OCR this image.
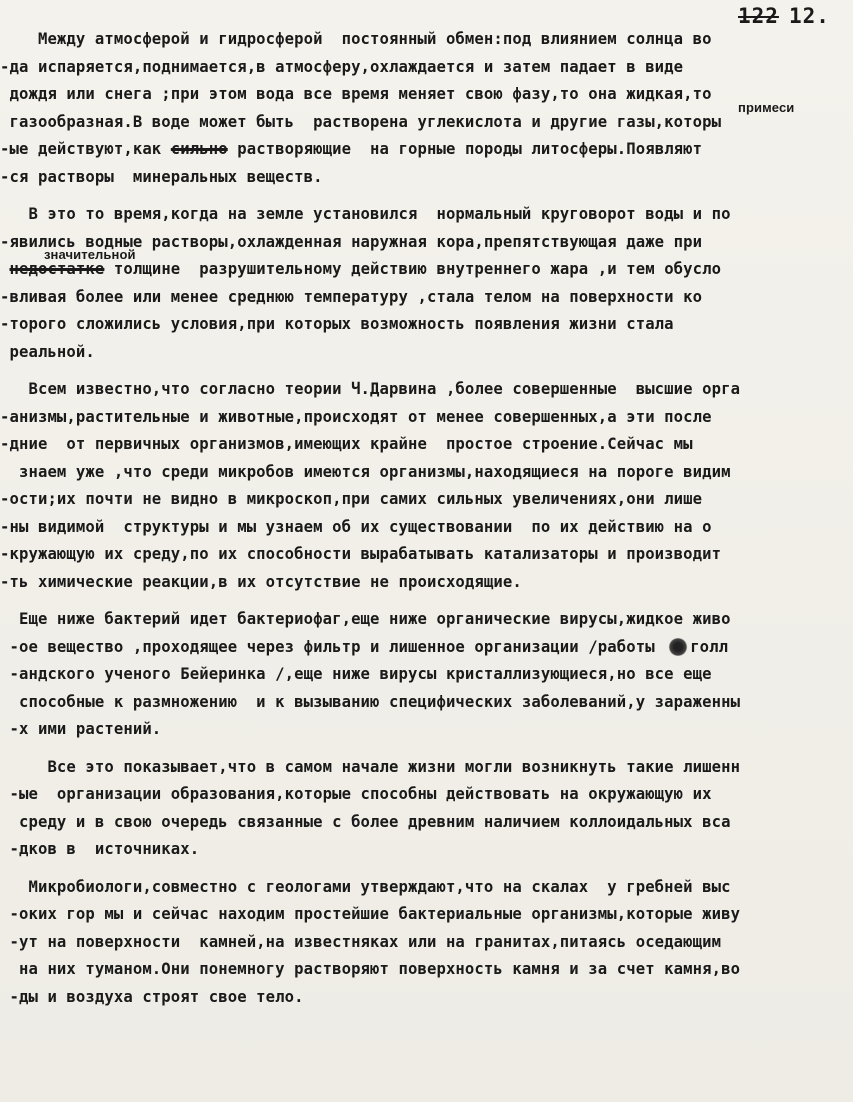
122 12.
Между атмосферой и гидросферой  постоянный обмен:под влиянием солнца во
-да испаряется,поднимается,в атмосферу,охлаждается и затем падает в виде
дождя или снега ;при этом вода все время меняет свою фазу,то она жидкая,то
примеси
газообразная.В воде может быть  растворена углекислота и другие газы,которы
-ые действуют,как сильно растворяющие  на горные породы литосферы.Появляют
-ся растворы  минеральных веществ.
В это то время,когда на земле установился  нормальный круговорот воды и по
-явились водные растворы,охлажденная наружная кора,препятствующая даже при
значительной
недостатке толщине  разрушительному действию внутреннего жара ,и тем обусло
-вливая более или менее среднюю температуру ,стала телом на поверхности ко
-торого сложились условия,при которых возможность появления жизни стала
реальной.
Всем известно,что согласно теории Ч.Дарвина ,более совершенные  высшие орга
-анизмы,растительные и животные,происходят от менее совершенных,а эти после
-дние  от первичных организмов,имеющих крайне  простое строение.Сейчас мы
знаем уже ,что среди микробов имеются организмы,находящиеся на пороге видим
-ости;их почти не видно в микроскоп,при самих сильных увеличениях,они лише
-ны видимой  структуры и мы узнаем об их существовании  по их действию на о
-кружающую их среду,по их способности вырабатывать катализаторы и производит
-ть химические реакции,в их отсутствие не происходящие.
Еще ниже бактерий идет бактериофаг,еще ниже органические вирусы,жидкое живо
-ое вещество ,проходящее через фильтр и лишенное организации /работы голл
-андского ученого Бейеринка /,еще ниже вирусы кристаллизующиеся,но все еще
способные к размножению  и к вызыванию специфических заболеваний,у зараженны
-х ими растений.
Все это показывает,что в самом начале жизни могли возникнуть такие лишенн
-ые  организации образования,которые способны действовать на окружающую их
среду и в свою очередь связанные с более древним наличием коллоидальных вса
-дков в  источниках.
Микробиологи,совместно с геологами утверждают,что на скалах  у гребней выс
-оких гор мы и сейчас находим простейшие бактериальные организмы,которые живу
-ут на поверхности  камней,на известняках или на гранитах,питаясь оседающим
на них туманом.Они понемногу растворяют поверхность камня и за счет камня,во
-ды и воздуха строят свое тело.
